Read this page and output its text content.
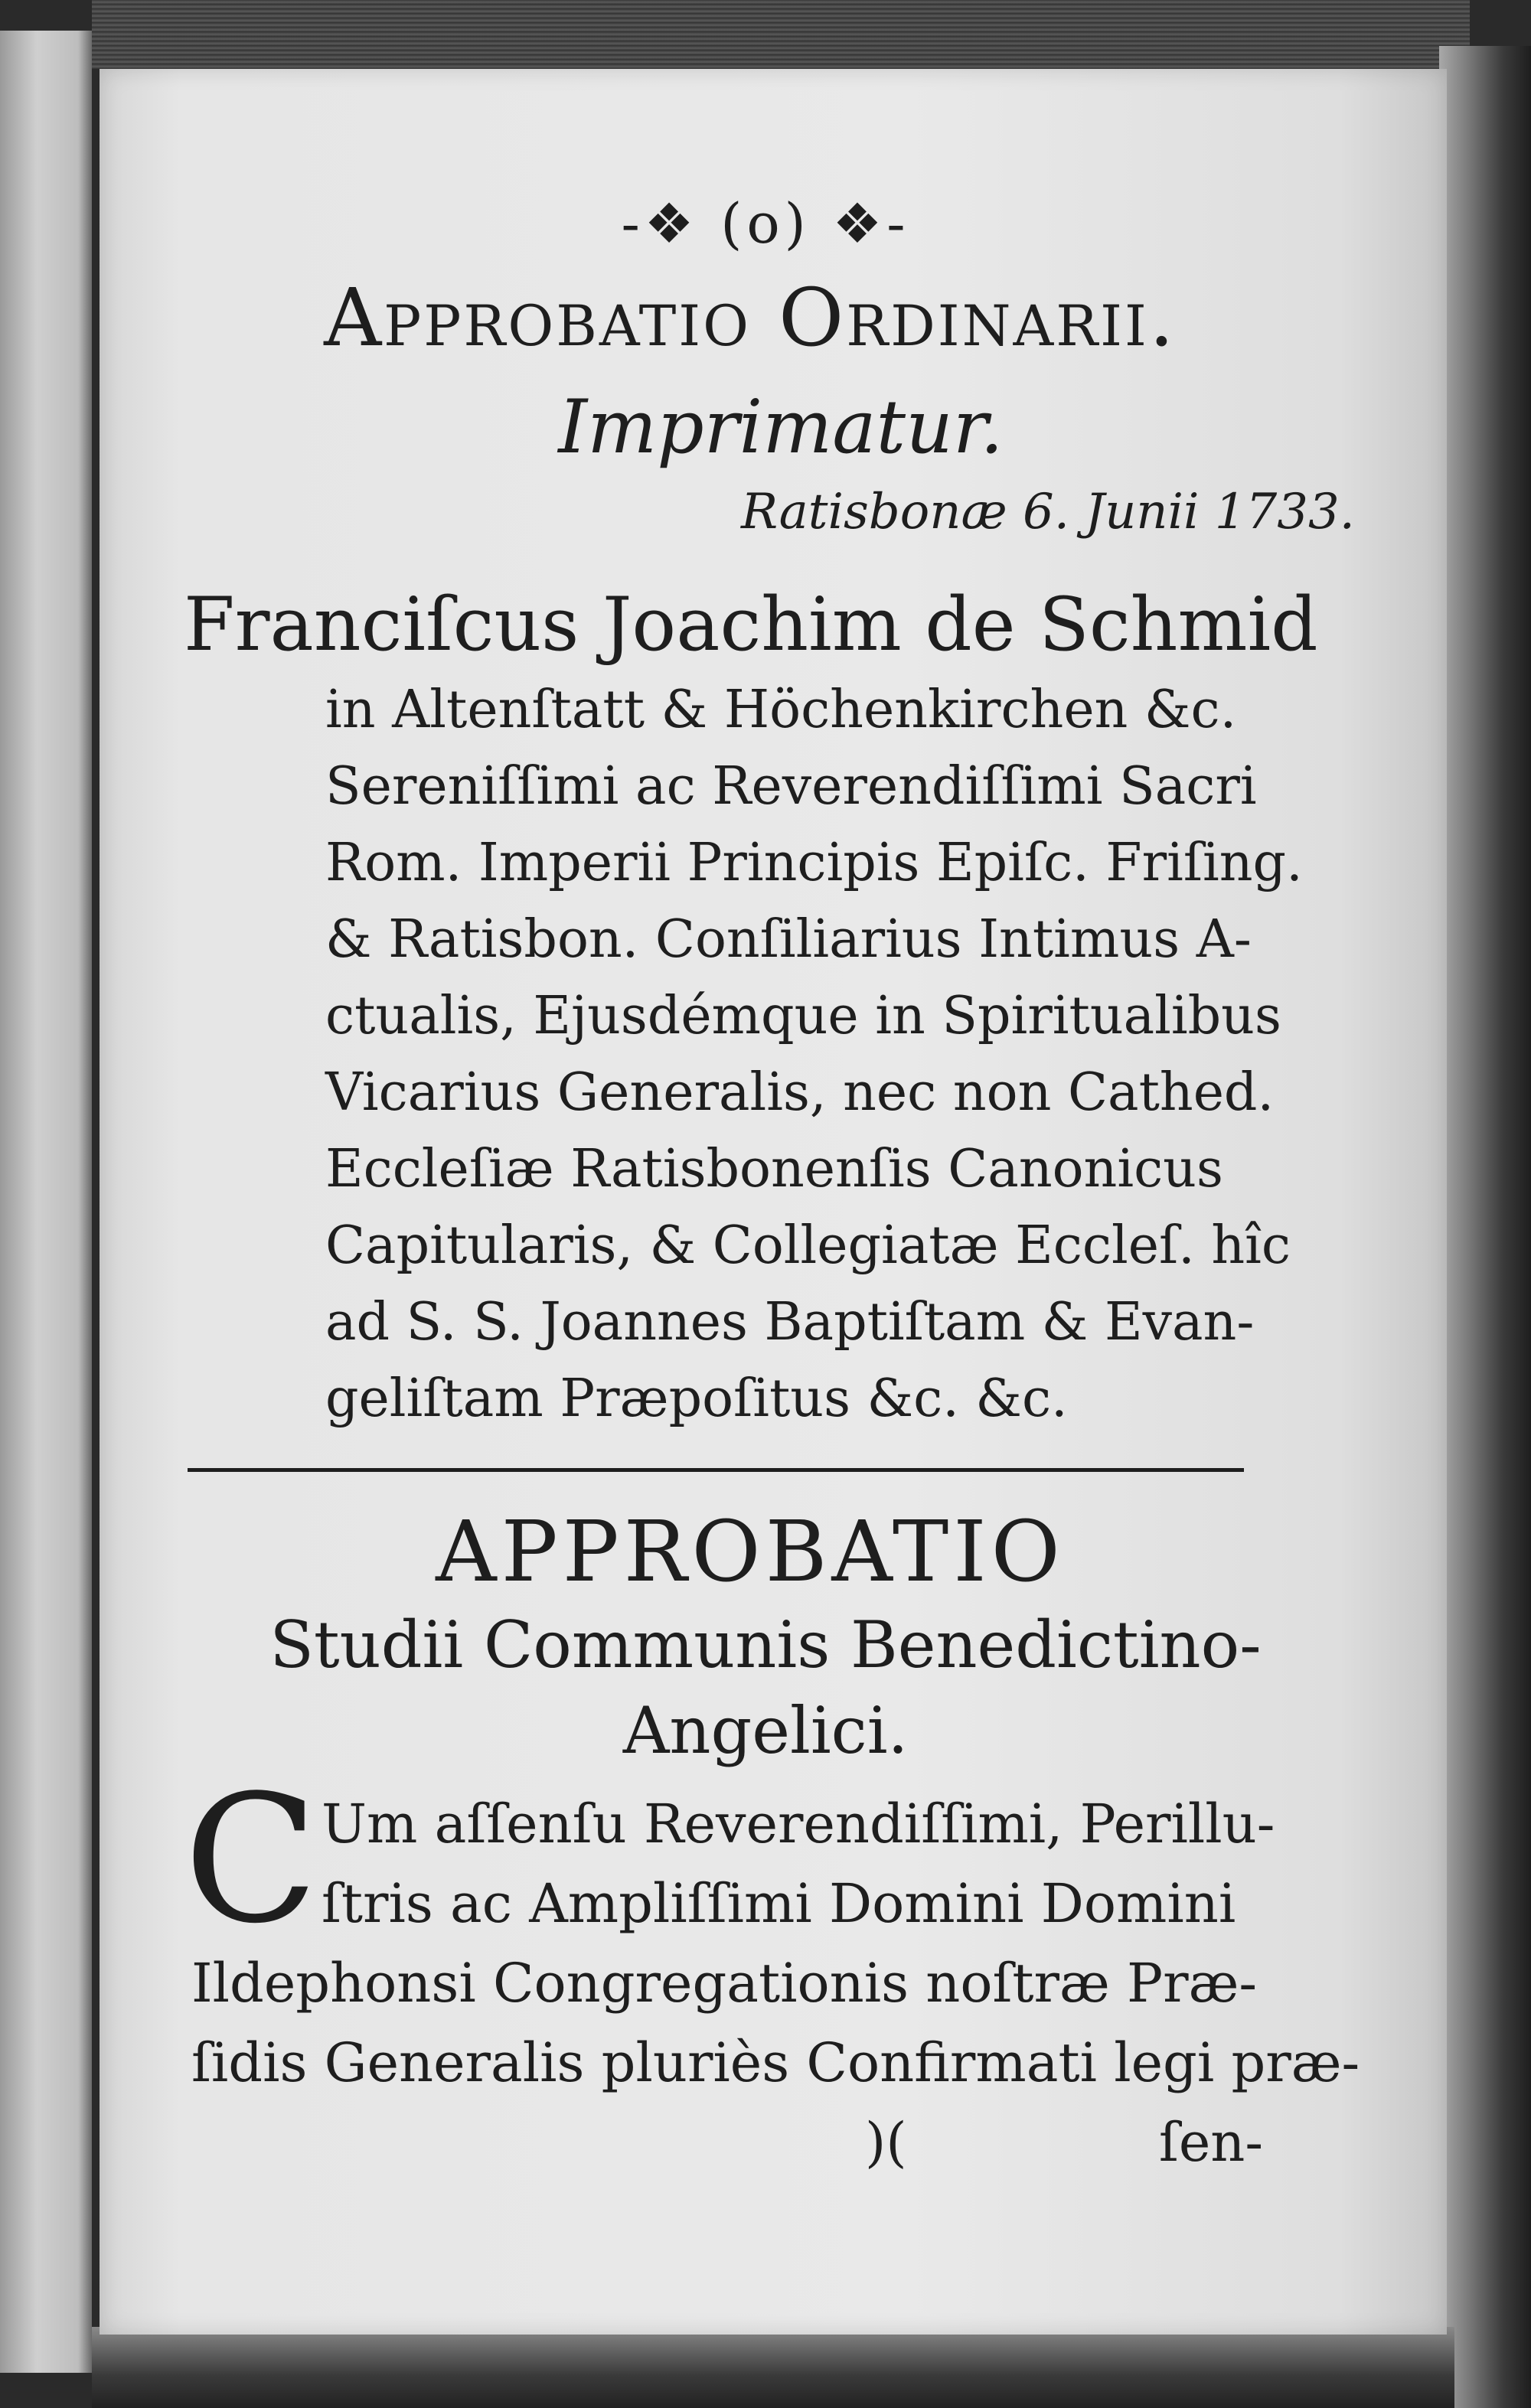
-❖ (o) ❖-
Approbatio Ordinarii.
Imprimatur.
Ratisbonæ 6. Junii 1733.
Franciſcus Joachim de Schmid
in Altenſtatt & Höchenkirchen &c.
Sereniſſimi ac Reverendiſſimi Sacri
Rom. Imperii Principis Epiſc. Friſing.
& Ratisbon. Conſiliarius Intimus A-
ctualis, Ejusdémque in Spiritualibus
Vicarius Generalis, nec non Cathed.
Eccleſiæ Ratisbonenſis Canonicus
Capitularis, & Collegiatæ Eccleſ. hîc
ad S. S. Joannes Baptiſtam & Evan-
geliſtam Præpoſitus &c. &c.
APPROBATIO
Studii Communis Benedictino-
Angelici.
C Um aſſenſu Reverendiſſimi, Perillu-
ſtris ac Ampliſſimi Domini Domini
Ildephonsi Congregationis noſtræ Præ-
ſidis Generalis pluriès Confirmati legi præ-
)(	ſen-
